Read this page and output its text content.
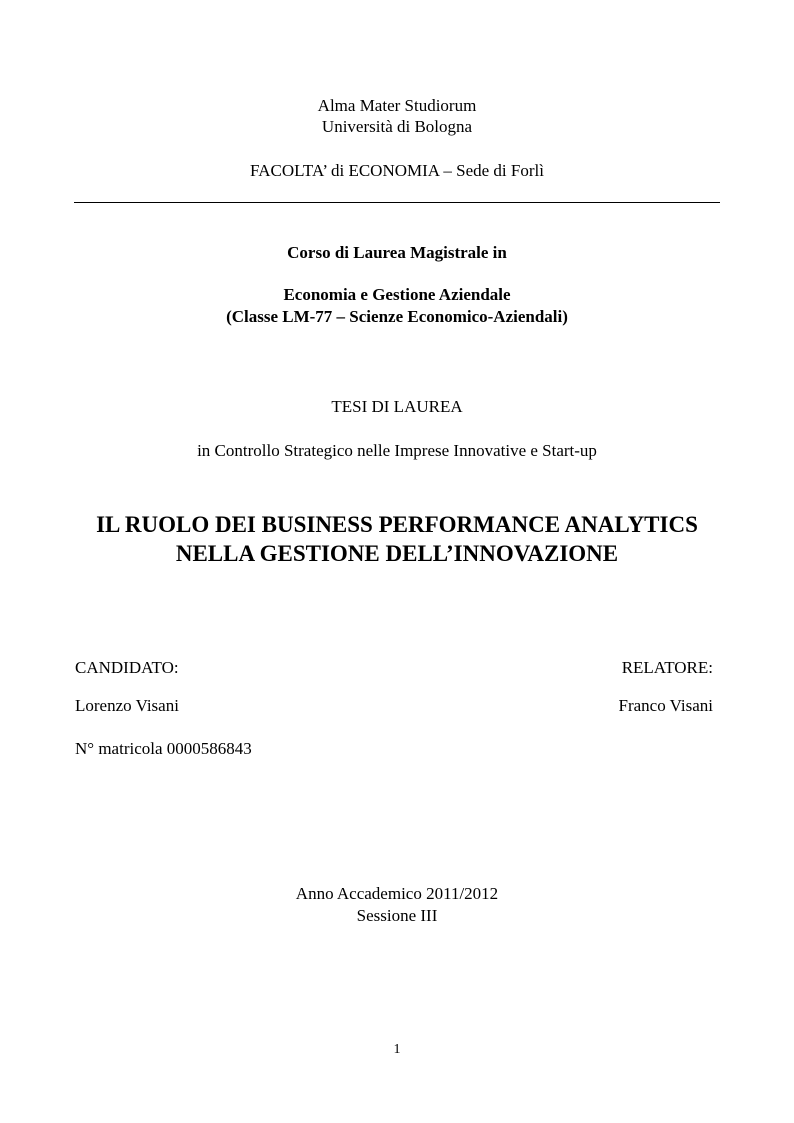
Alma Mater Studiorum
Università di Bologna
FACOLTA’ di ECONOMIA – Sede di Forlì
Corso di Laurea Magistrale in
Economia e Gestione Aziendale
(Classe LM-77 – Scienze Economico-Aziendali)
TESI DI LAUREA
in Controllo Strategico nelle Imprese Innovative e Start-up
IL RUOLO DEI BUSINESS PERFORMANCE ANALYTICS
NELLA GESTIONE DELL’INNOVAZIONE
CANDIDATO:	RELATORE:
Lorenzo Visani	Franco Visani
N° matricola 0000586843
Anno Accademico 2011/2012
Sessione III
1
